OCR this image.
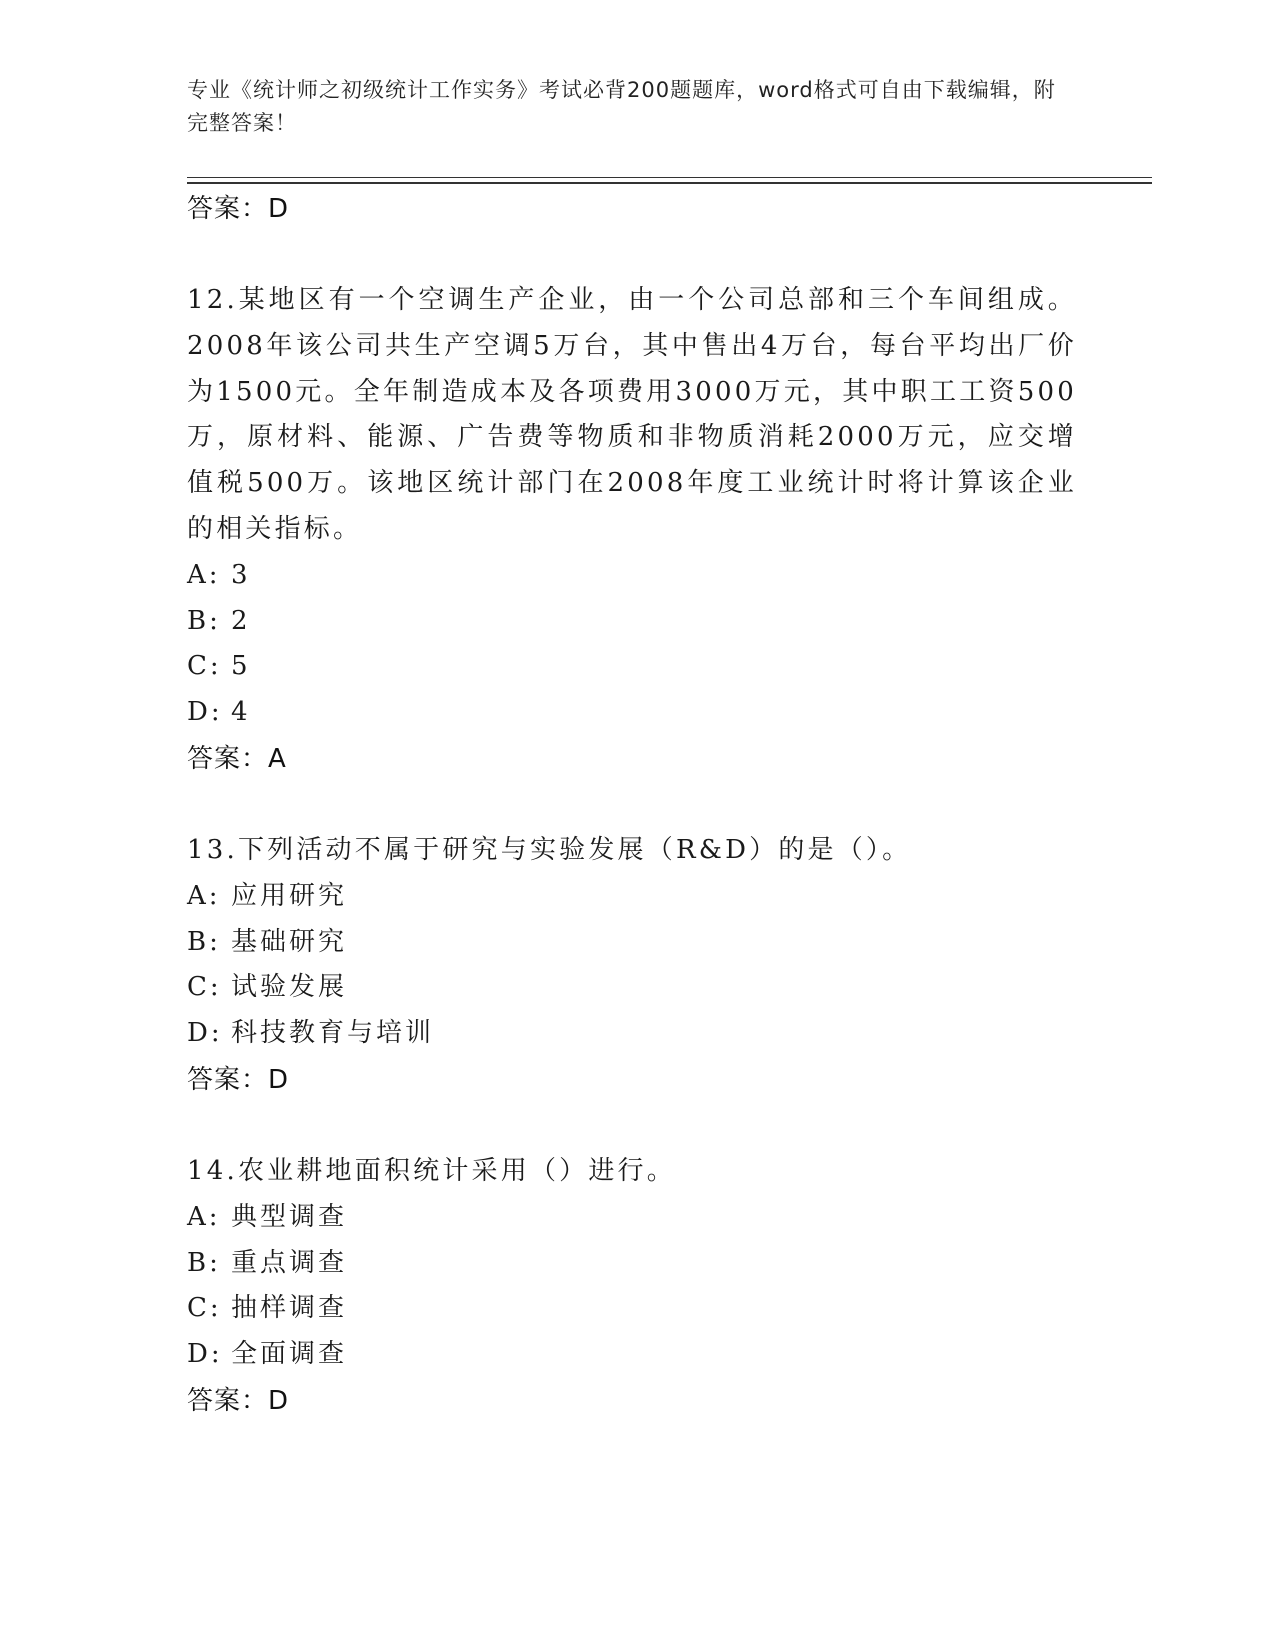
专业《统计师之初级统计工作实务》考试必背200题题库，word格式可自由下载编辑，附完整答案！
答案：D

12.某地区有一个空调生产企业，由一个公司总部和三个车间组成。2008年该公司共生产空调5万台，其中售出4万台，每台平均出厂价为1500元。全年制造成本及各项费用3000万元，其中职工工资500万，原材料、能源、广告费等物质和非物质消耗2000万元，应交增值税500万。该地区统计部门在2008年度工业统计时将计算该企业的相关指标。

A: 3
B: 2
C: 5
D: 4
答案：A

13.下列活动不属于研究与实验发展（R&D）的是（）。

A: 应用研究
B: 基础研究
C: 试验发展
D: 科技教育与培训
答案：D

14.农业耕地面积统计采用（）进行。

A: 典型调查
B: 重点调查
C: 抽样调查
D: 全面调查
答案：D
